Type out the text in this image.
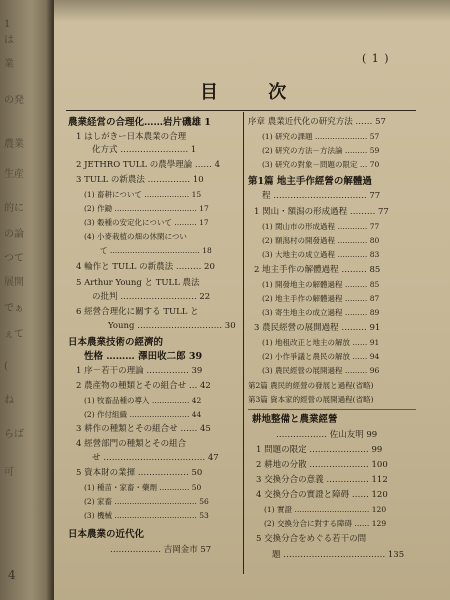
1
は
業
の発
農業
生産
的に
の論
つて
展開
でぁ
ぇて
(
ね
らば
可
4
( 1 )
目 次
農業経営の合理化……岩片磯雄 1
1 はしがきー日本農業の合理
化方式 …………………… 1
2 JETHRO TULL の農學理論 …… 4
3 TULL の新農法 …………… 10
(1) 畜耕について ……………… 15
(2) 作鋤 …………………………… 17
(3) 穀種の安定化について ……… 17
(4) 小麥栽植の畑の休閑につい
て ……………………………… 18
4 輪作と TULL の新農法 ……… 20
5 Arthur Young と TULL 農法
の批判 ……………………… 22
6 經營合理化に關する TULL と
Young ………………………… 30
日本農業技術の經濟的
性格 ……… 澤田收二郎 39
1 序－若干の理論 …………… 39
2 農產物の種類とその組合せ … 42
(1) 牧畜品種の導入 …………… 42
(2) 作付組織 …………………… 44
3 耕作の種類とその組合せ …… 45
4 經營部門の種類とその組合
せ ……………………………… 47
5 資本財の業揮 ……………… 50
(1) 種苗・家畜・藥劑 ………… 50
(2) 家畜 …………………………… 56
(3) 機械 …………………………… 53
日本農業の近代化
……………… 吉岡金市 57
序章 農業近代化の研究方法 …… 57
(1) 研究の課題 ………………… 57
(2) 研究の方法－方法論 ……… 59
(3) 研究の對象－問題の限定 … 70
第1篇 地主手作經營の解體過
程 …………………………… 77
1 関山・額潟の形成過程 ……… 77
(1) 関山市の形成過程 ………… 77
(2) 額潟村の開發過程 ………… 80
(3) 大地主の成立過程 ………… 83
2 地主手作の解體過程 ……… 85
(1) 開發地主の解體過程 ……… 85
(2) 地主手作の解體過程 ……… 87
(3) 寄生地主の成立過程 ……… 89
3 農民經營の展開過程 ……… 91
(1) 地租改正と地主の解放 …… 91
(2) 小作爭議と農民の解放 …… 94
(3) 農民經營の展開過程 ……… 96
第2篇 農民的經營の發展と過程(省略)
第3篇 資本家的經營の展開過程(省略)
耕地整備と農業經營
……………… 佐山友明 99
1 問題の限定 ………………… 99
2 耕地の分散 ………………… 100
3 交換分合の意義 …………… 112
4 交換分合の實證と障碍 …… 120
(1) 實證 ………………………… 120
(2) 交換分合に對する障碍 …… 129
5 交換分合をめぐる若干の問
題 ……………………………… 135
